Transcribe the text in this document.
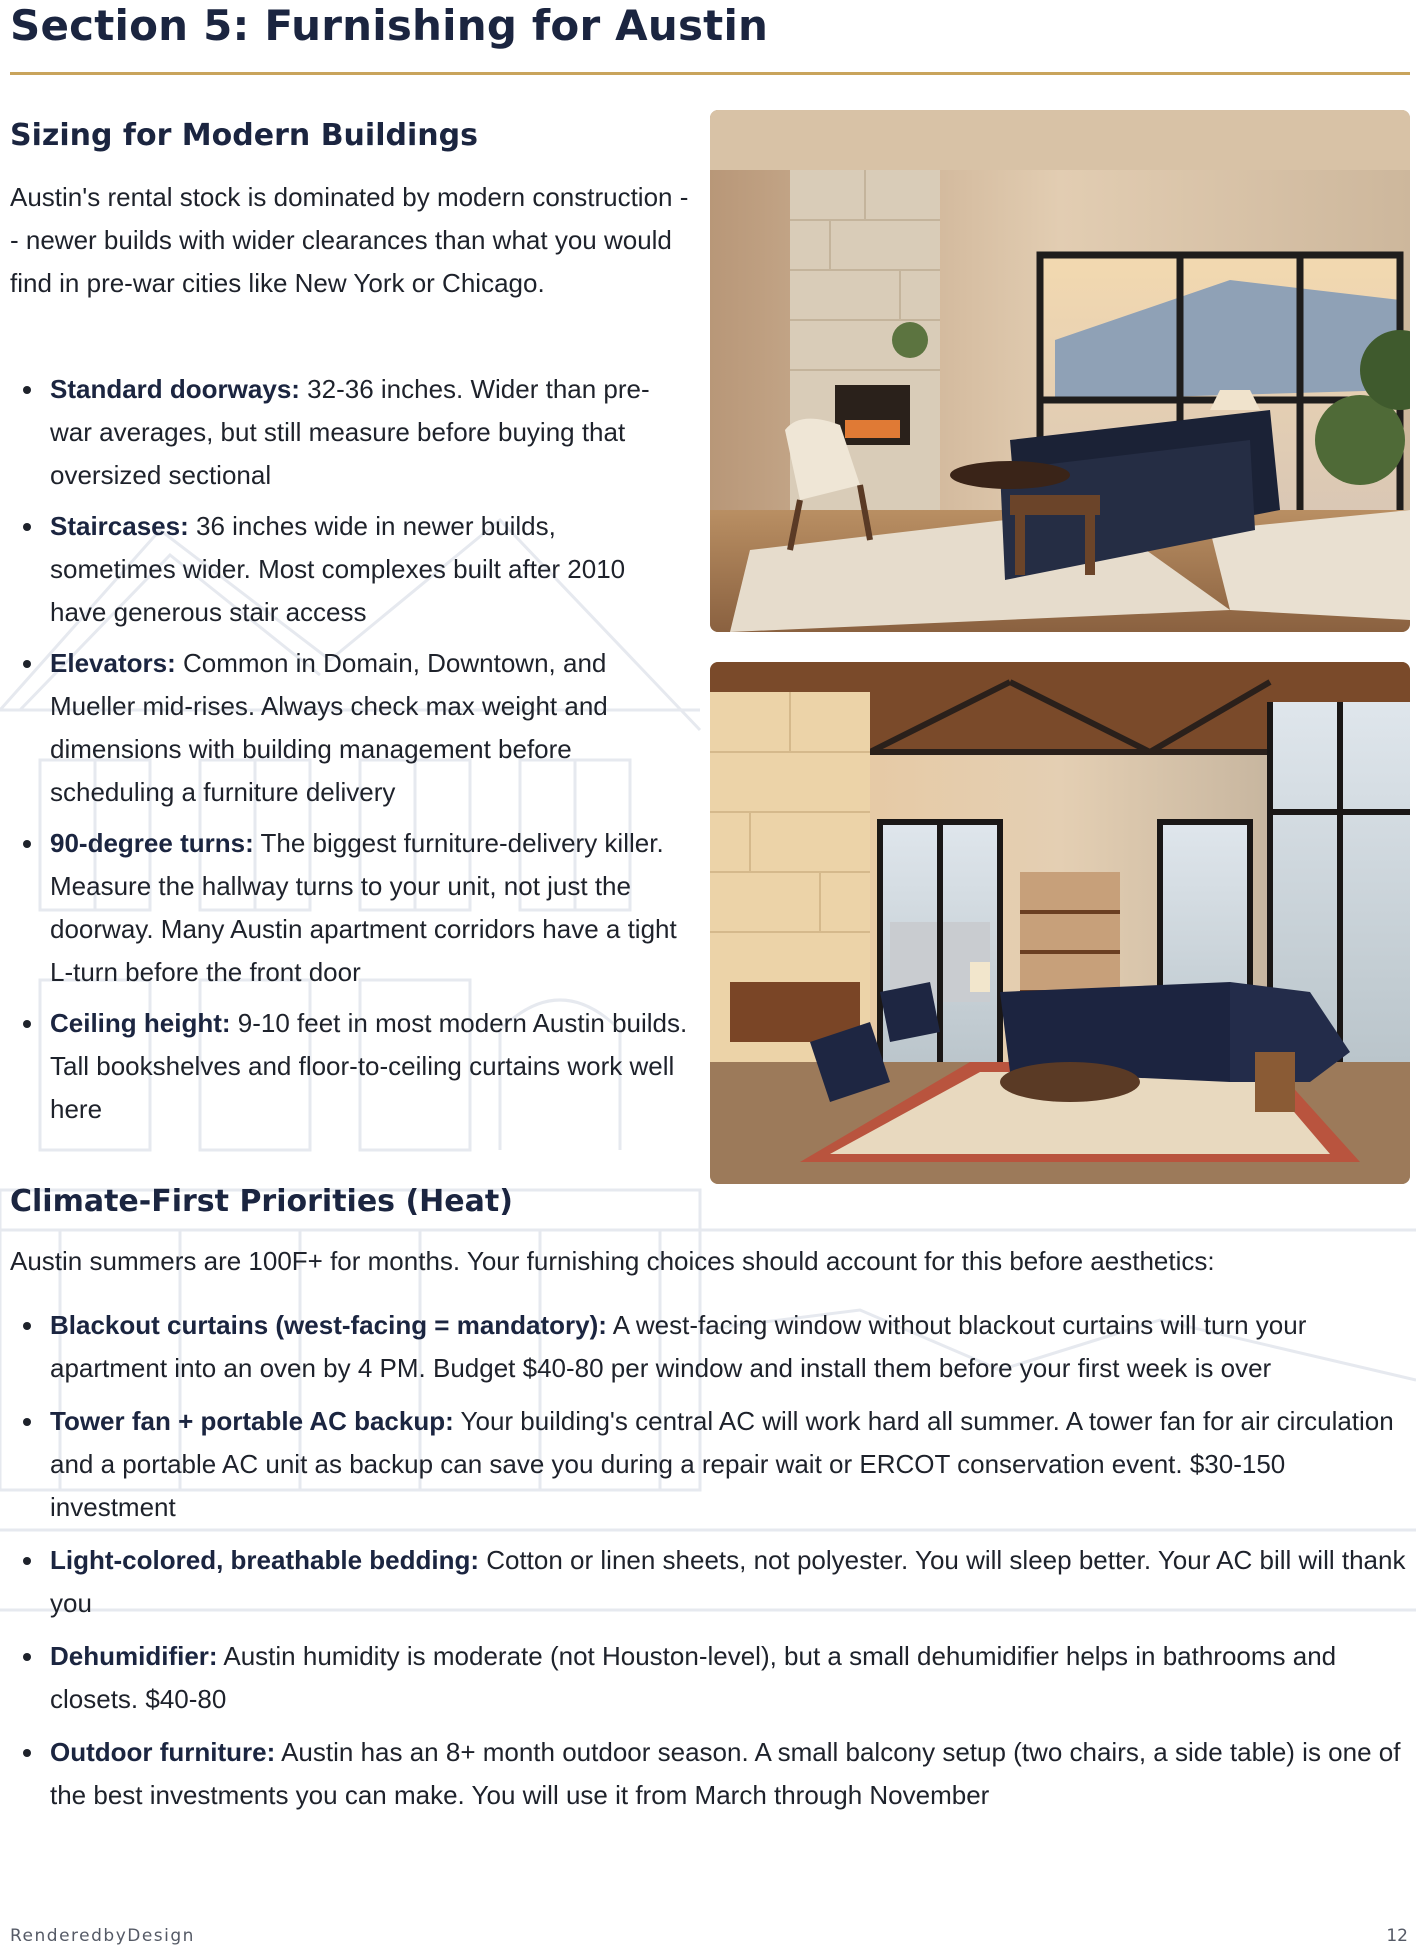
Section 5: Furnishing for Austin
Sizing for Modern Buildings

Austin's rental stock is dominated by modern construction -- newer builds with wider clearances than what you would find in pre-war cities like New York or Chicago.

Standard doorways: 32-36 inches. Wider than pre-war averages, but still measure before buying that oversized sectional
Staircases: 36 inches wide in newer builds, sometimes wider. Most complexes built after 2010 have generous stair access
Elevators: Common in Domain, Downtown, and Mueller mid-rises. Always check max weight and dimensions with building management before scheduling a furniture delivery
90-degree turns: The biggest furniture-delivery killer. Measure the hallway turns to your unit, not just the doorway. Many Austin apartment corridors have a tight L-turn before the front door
Ceiling height: 9-10 feet in most modern Austin builds. Tall bookshelves and floor-to-ceiling curtains work well here
Climate-First Priorities (Heat)

Austin summers are 100F+ for months. Your furnishing choices should account for this before aesthetics:

Blackout curtains (west-facing = mandatory): A west-facing window without blackout curtains will turn your apartment into an oven by 4 PM. Budget $40-80 per window and install them before your first week is over
Tower fan + portable AC backup: Your building's central AC will work hard all summer. A tower fan for air circulation and a portable AC unit as backup can save you during a repair wait or ERCOT conservation event. $30-150 investment
Light-colored, breathable bedding: Cotton or linen sheets, not polyester. You will sleep better. Your AC bill will thank you
Dehumidifier: Austin humidity is moderate (not Houston-level), but a small dehumidifier helps in bathrooms and closets. $40-80
Outdoor furniture: Austin has an 8+ month outdoor season. A small balcony setup (two chairs, a side table) is one of the best investments you can make. You will use it from March through November
RenderedbyDesign	12
